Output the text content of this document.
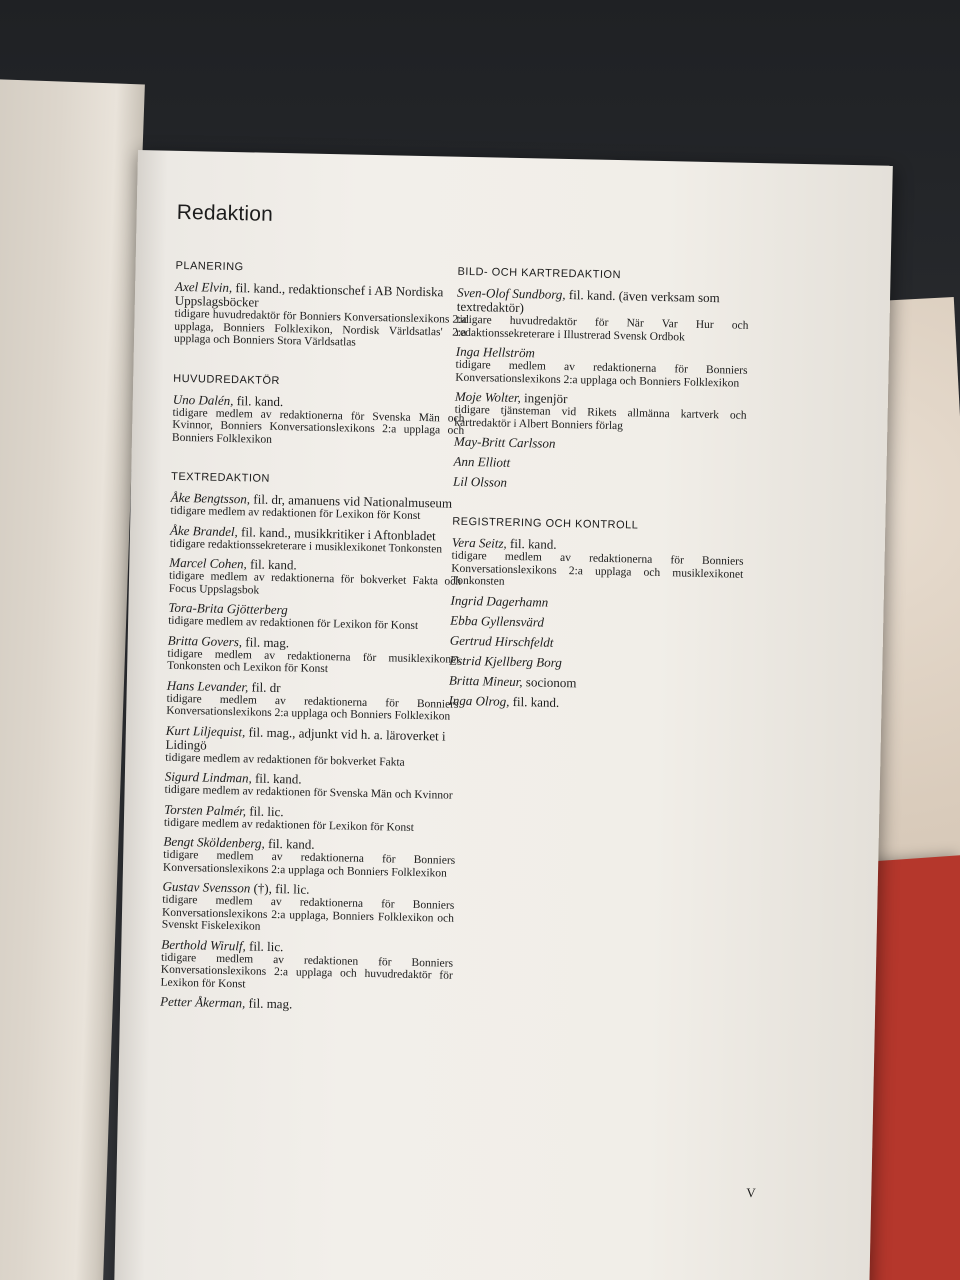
Redaktion
PLANERING
Axel Elvin, fil. kand., redaktionschef i AB Nordiska Uppslagsböcker
tidigare huvudredaktör för Bonniers Konversationslexikons 2:a upplaga, Bonniers Folklexikon, Nordisk Världsatlas' 2:a upplaga och Bonniers Stora Världsatlas
HUVUDREDAKTÖR
Uno Dalén, fil. kand.
tidigare medlem av redaktionerna för Svenska Män och Kvinnor, Bonniers Konversationslexikons 2:a upplaga och Bonniers Folklexikon
TEXTREDAKTION
Åke Bengtsson, fil. dr, amanuens vid Nationalmuseum
tidigare medlem av redaktionen för Lexikon för Konst
Åke Brandel, fil. kand., musikkritiker i Aftonbladet
tidigare redaktionssekreterare i musiklexikonet Tonkonsten
Marcel Cohen, fil. kand.
tidigare medlem av redaktionerna för bokverket Fakta och Focus Uppslagsbok
Tora-Brita Gjötterberg
tidigare medlem av redaktionen för Lexikon för Konst
Britta Govers, fil. mag.
tidigare medlem av redaktionerna för musiklexikonet Tonkonsten och Lexikon för Konst
Hans Levander, fil. dr
tidigare medlem av redaktionerna för Bonniers Konversationslexikons 2:a upplaga och Bonniers Folklexikon
Kurt Liljequist, fil. mag., adjunkt vid h. a. läroverket i Lidingö
tidigare medlem av redaktionen för bokverket Fakta
Sigurd Lindman, fil. kand.
tidigare medlem av redaktionen för Svenska Män och Kvinnor
Torsten Palmér, fil. lic.
tidigare medlem av redaktionen för Lexikon för Konst
Bengt Sköldenberg, fil. kand.
tidigare medlem av redaktionerna för Bonniers Konversationslexikons 2:a upplaga och Bonniers Folklexikon
Gustav Svensson (†), fil. lic.
tidigare medlem av redaktionerna för Bonniers Konversationslexikons 2:a upplaga, Bonniers Folklexikon och Svenskt Fiskelexikon
Berthold Wirulf, fil. lic.
tidigare medlem av redaktionen för Bonniers Konversationslexikons 2:a upplaga och huvudredaktör för Lexikon för Konst
Petter Åkerman, fil. mag.
BILD- OCH KARTREDAKTION
Sven-Olof Sundborg, fil. kand. (även verksam som textredaktör)
tidigare huvudredaktör för När Var Hur och redaktionssekreterare i Illustrerad Svensk Ordbok
Inga Hellström
tidigare medlem av redaktionerna för Bonniers Konversationslexikons 2:a upplaga och Bonniers Folklexikon
Moje Wolter, ingenjör
tidigare tjänsteman vid Rikets allmänna kartverk och kartredaktör i Albert Bonniers förlag
May-Britt Carlsson
Ann Elliott
Lil Olsson
REGISTRERING OCH KONTROLL
Vera Seitz, fil. kand.
tidigare medlem av redaktionerna för Bonniers Konversationslexikons 2:a upplaga och musiklexikonet Tonkonsten
Ingrid Dagerhamn
Ebba Gyllensvärd
Gertrud Hirschfeldt
Estrid Kjellberg Borg
Britta Mineur, socionom
Inga Olrog, fil. kand.
V
